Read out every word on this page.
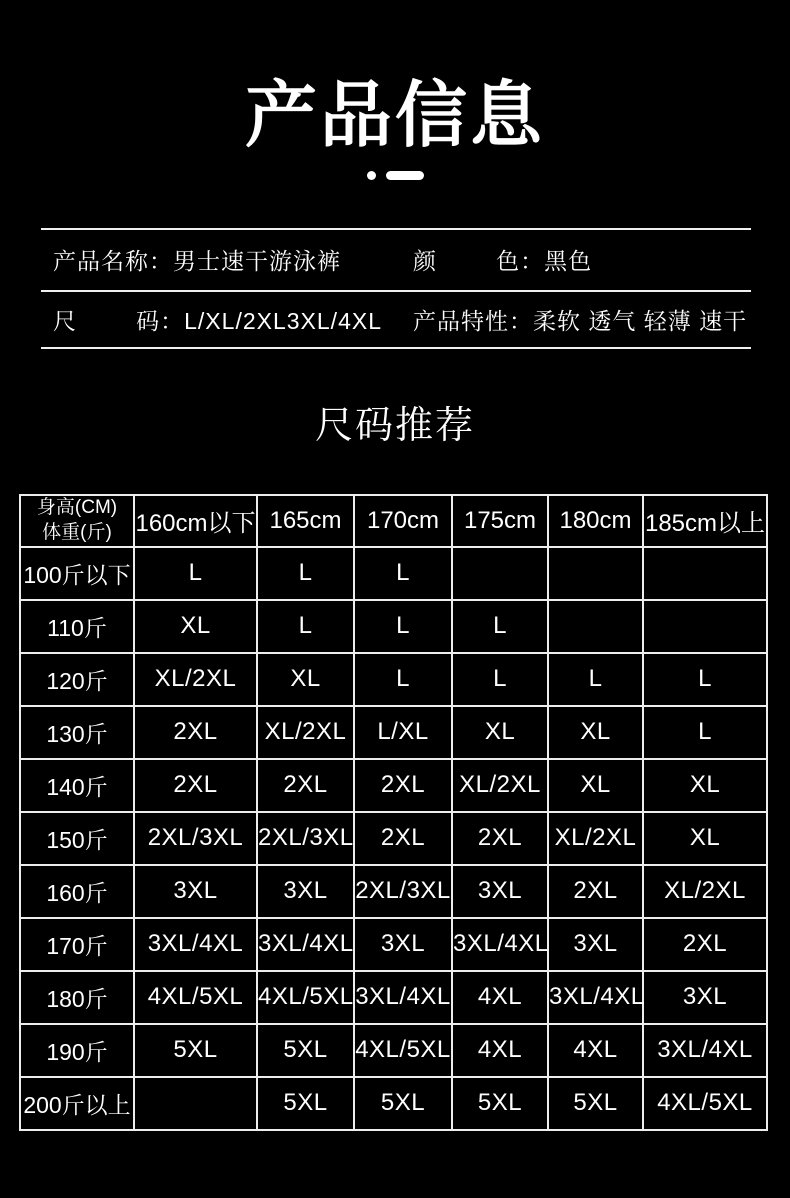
产品信息
产品名称：男士速干游泳裤	颜        色：黑色
尺        码：L/XL/2XL3XL/4XL	产品特性：柔软 透气 轻薄 速干
尺码推荐
身高(CM)
体重(斤)	160cm以下	165cm	170cm	175cm	180cm	185cm以上
100斤以下	L	L	L			
110斤	XL	L	L	L		
120斤	XL/2XL	XL	L	L	L	L
130斤	2XL	XL/2XL	L/XL	XL	XL	L
140斤	2XL	2XL	2XL	XL/2XL	XL	XL
150斤	2XL/3XL	2XL/3XL	2XL	2XL	XL/2XL	XL
160斤	3XL	3XL	2XL/3XL	3XL	2XL	XL/2XL
170斤	3XL/4XL	3XL/4XL	3XL	3XL/4XL	3XL	2XL
180斤	4XL/5XL	4XL/5XL	3XL/4XL	4XL	3XL/4XL	3XL
190斤	5XL	5XL	4XL/5XL	4XL	4XL	3XL/4XL
200斤以上		5XL	5XL	5XL	5XL	4XL/5XL
